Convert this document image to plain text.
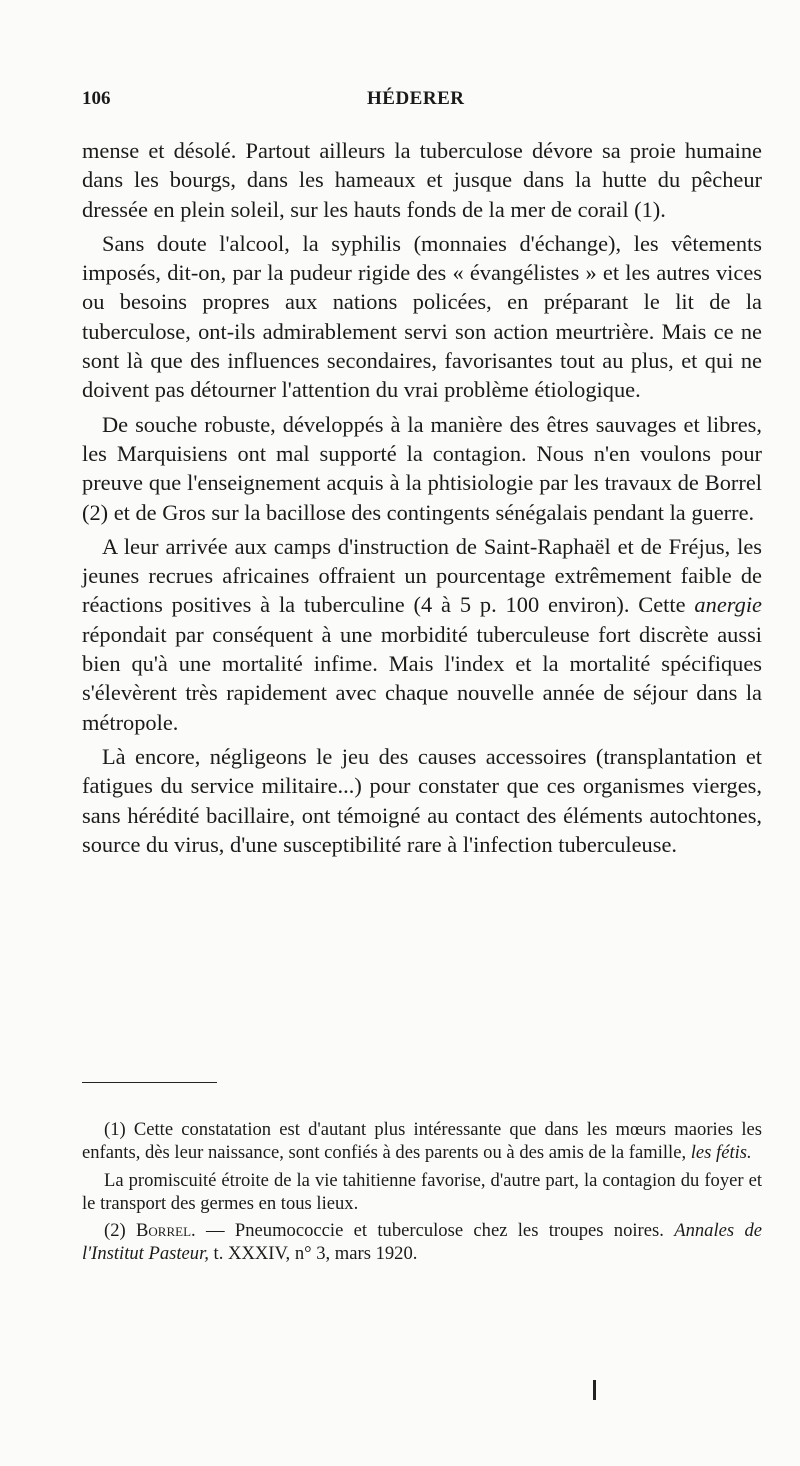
106	HÉDERER

mense et désolé. Partout ailleurs la tuberculose dévore sa proie humaine dans les bourgs, dans les hameaux et jusque dans la hutte du pêcheur dressée en plein soleil, sur les hauts fonds de la mer de corail (1).

Sans doute l'alcool, la syphilis (monnaies d'échange), les vêtements imposés, dit-on, par la pudeur rigide des « évangélistes » et les autres vices ou besoins propres aux nations policées, en préparant le lit de la tuberculose, ont-ils admirablement servi son action meurtrière. Mais ce ne sont là que des influences secondaires, favorisantes tout au plus, et qui ne doivent pas détourner l'attention du vrai problème étiologique.

De souche robuste, développés à la manière des êtres sauvages et libres, les Marquisiens ont mal supporté la contagion. Nous n'en voulons pour preuve que l'enseignement acquis à la phtisiologie par les travaux de Borrel (2) et de Gros sur la bacillose des contingents sénégalais pendant la guerre.

A leur arrivée aux camps d'instruction de Saint-Raphaël et de Fréjus, les jeunes recrues africaines offraient un pourcentage extrêmement faible de réactions positives à la tuberculine (4 à 5 p. 100 environ). Cette anergie répondait par conséquent à une morbidité tuberculeuse fort discrète aussi bien qu'à une mortalité infime. Mais l'index et la mortalité spécifiques s'élevèrent très rapidement avec chaque nouvelle année de séjour dans la métropole.

Là encore, négligeons le jeu des causes accessoires (transplantation et fatigues du service militaire...) pour constater que ces organismes vierges, sans hérédité bacillaire, ont témoigné au contact des éléments autochtones, source du virus, d'une susceptibilité rare à l'infection tuberculeuse.

(1) Cette constatation est d'autant plus intéressante que dans les mœurs maories les enfants, dès leur naissance, sont confiés à des parents ou à des amis de la famille, les fétis.

La promiscuité étroite de la vie tahitienne favorise, d'autre part, la contagion du foyer et le transport des germes en tous lieux.

(2) Borrel. — Pneumococcie et tuberculose chez les troupes noires. Annales de l'Institut Pasteur, t. XXXIV, n° 3, mars 1920.
